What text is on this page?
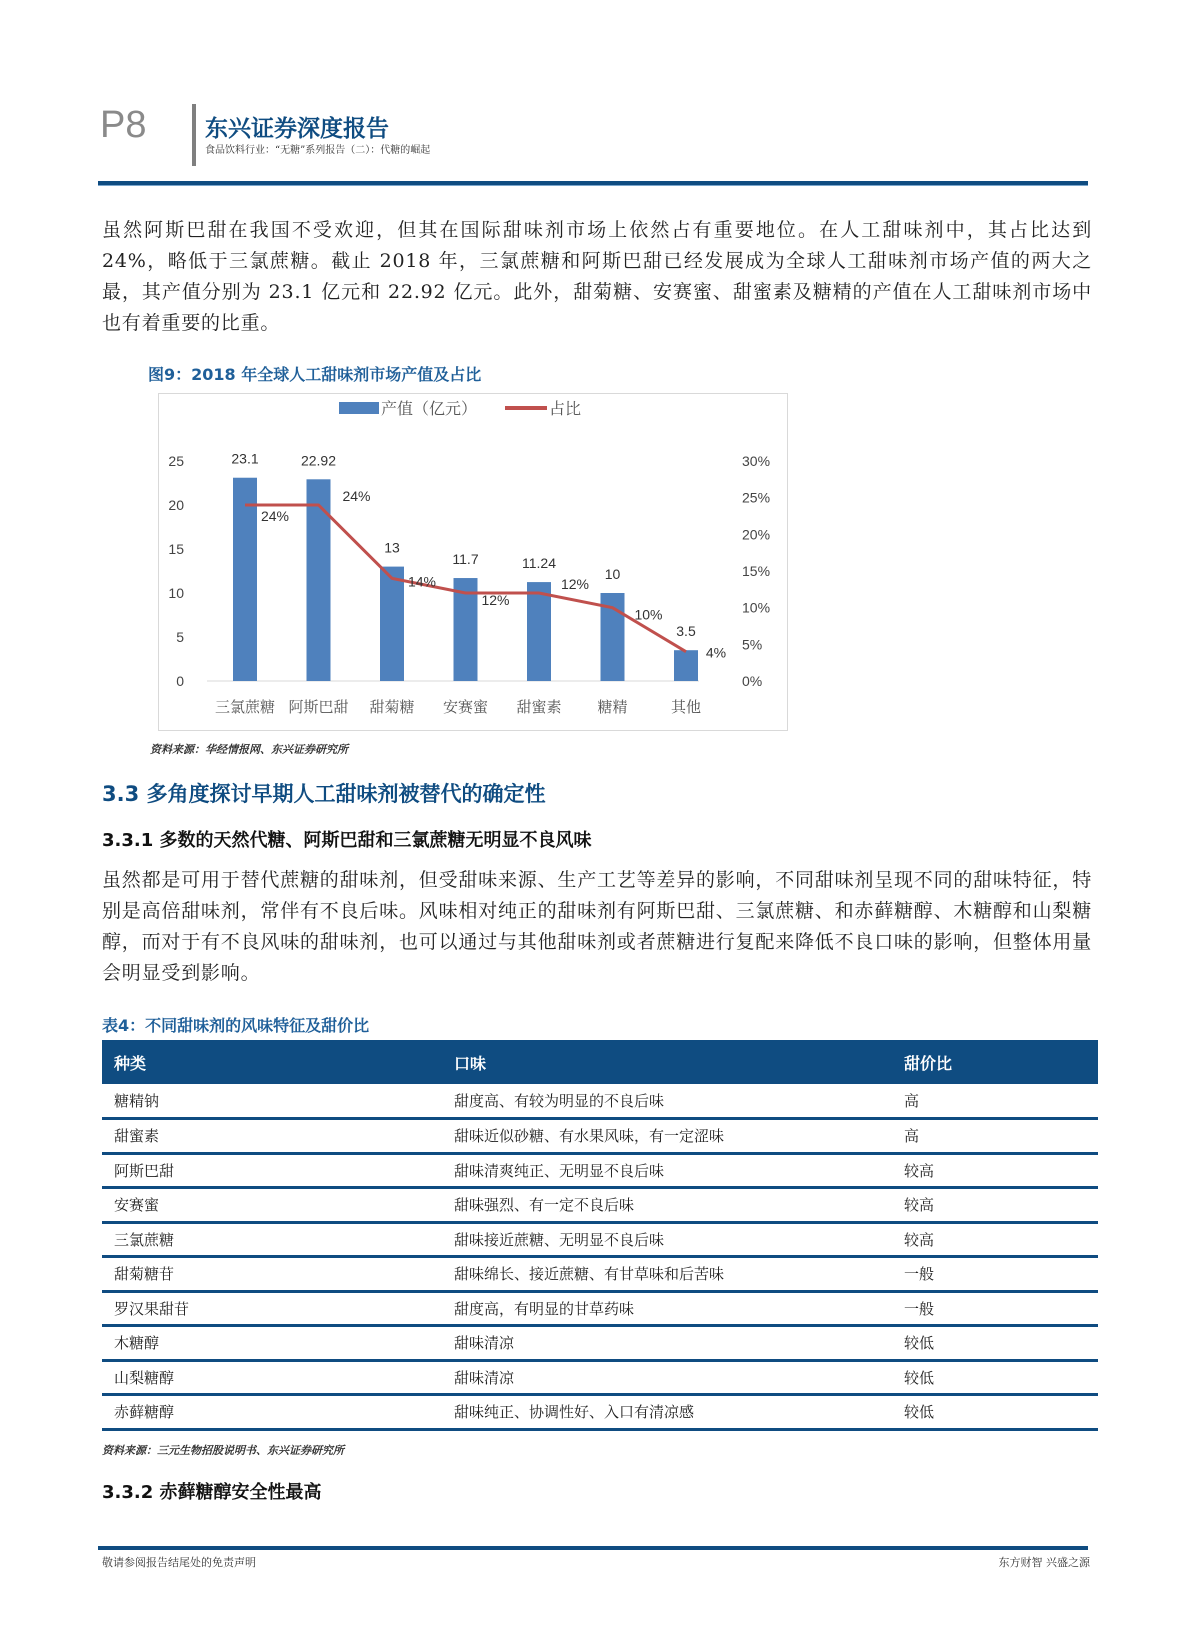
P8	东兴证券深度报告
食品饮料行业：“无糖”系列报告（二）：代糖的崛起
虽然阿斯巴甜在我国不受欢迎，但其在国际甜味剂市场上依然占有重要地位。在人工甜味剂中，其占比达到 24%，略低于三氯蔗糖。截止 2018 年，三氯蔗糖和阿斯巴甜已经发展成为全球人工甜味剂市场产值的两大之最，其产值分别为 23.1 亿元和 22.92 亿元。此外，甜菊糖、安赛蜜、甜蜜素及糖精的产值在人工甜味剂市场中也有着重要的比重。
图9：2018 年全球人工甜味剂市场产值及占比
0
5
10
15
20
25
0%
5%
10%
15%
20%
25%
30%
23.1
三氯蔗糖
22.92
阿斯巴甜
13
甜菊糖
11.7
安赛蜜
11.24
甜蜜素
10
糖精
3.5
其他
24%
24%
14%
12%
12%
10%
4%
产值（亿元）	占比
资料来源：华经情报网、东兴证券研究所
3.3 多角度探讨早期人工甜味剂被替代的确定性
3.3.1 多数的天然代糖、阿斯巴甜和三氯蔗糖无明显不良风味
虽然都是可用于替代蔗糖的甜味剂，但受甜味来源、生产工艺等差异的影响，不同甜味剂呈现不同的甜味特征，特别是高倍甜味剂，常伴有不良后味。风味相对纯正的甜味剂有阿斯巴甜、三氯蔗糖、和赤藓糖醇、木糖醇和山梨糖醇，而对于有不良风味的甜味剂，也可以通过与其他甜味剂或者蔗糖进行复配来降低不良口味的影响，但整体用量会明显受到影响。
表4：不同甜味剂的风味特征及甜价比
种类	口味	甜价比
糖精钠	甜度高、有较为明显的不良后味	高
甜蜜素	甜味近似砂糖、有水果风味，有一定涩味	高
阿斯巴甜	甜味清爽纯正、无明显不良后味	较高
安赛蜜	甜味强烈、有一定不良后味	较高
三氯蔗糖	甜味接近蔗糖、无明显不良后味	较高
甜菊糖苷	甜味绵长、接近蔗糖、有甘草味和后苦味	一般
罗汉果甜苷	甜度高，有明显的甘草药味	一般
木糖醇	甜味清凉	较低
山梨糖醇	甜味清凉	较低
赤藓糖醇	甜味纯正、协调性好、入口有清凉感	较低
资料来源：三元生物招股说明书、东兴证券研究所
3.3.2 赤藓糖醇安全性最高
敬请参阅报告结尾处的免责声明	东方财智 兴盛之源
